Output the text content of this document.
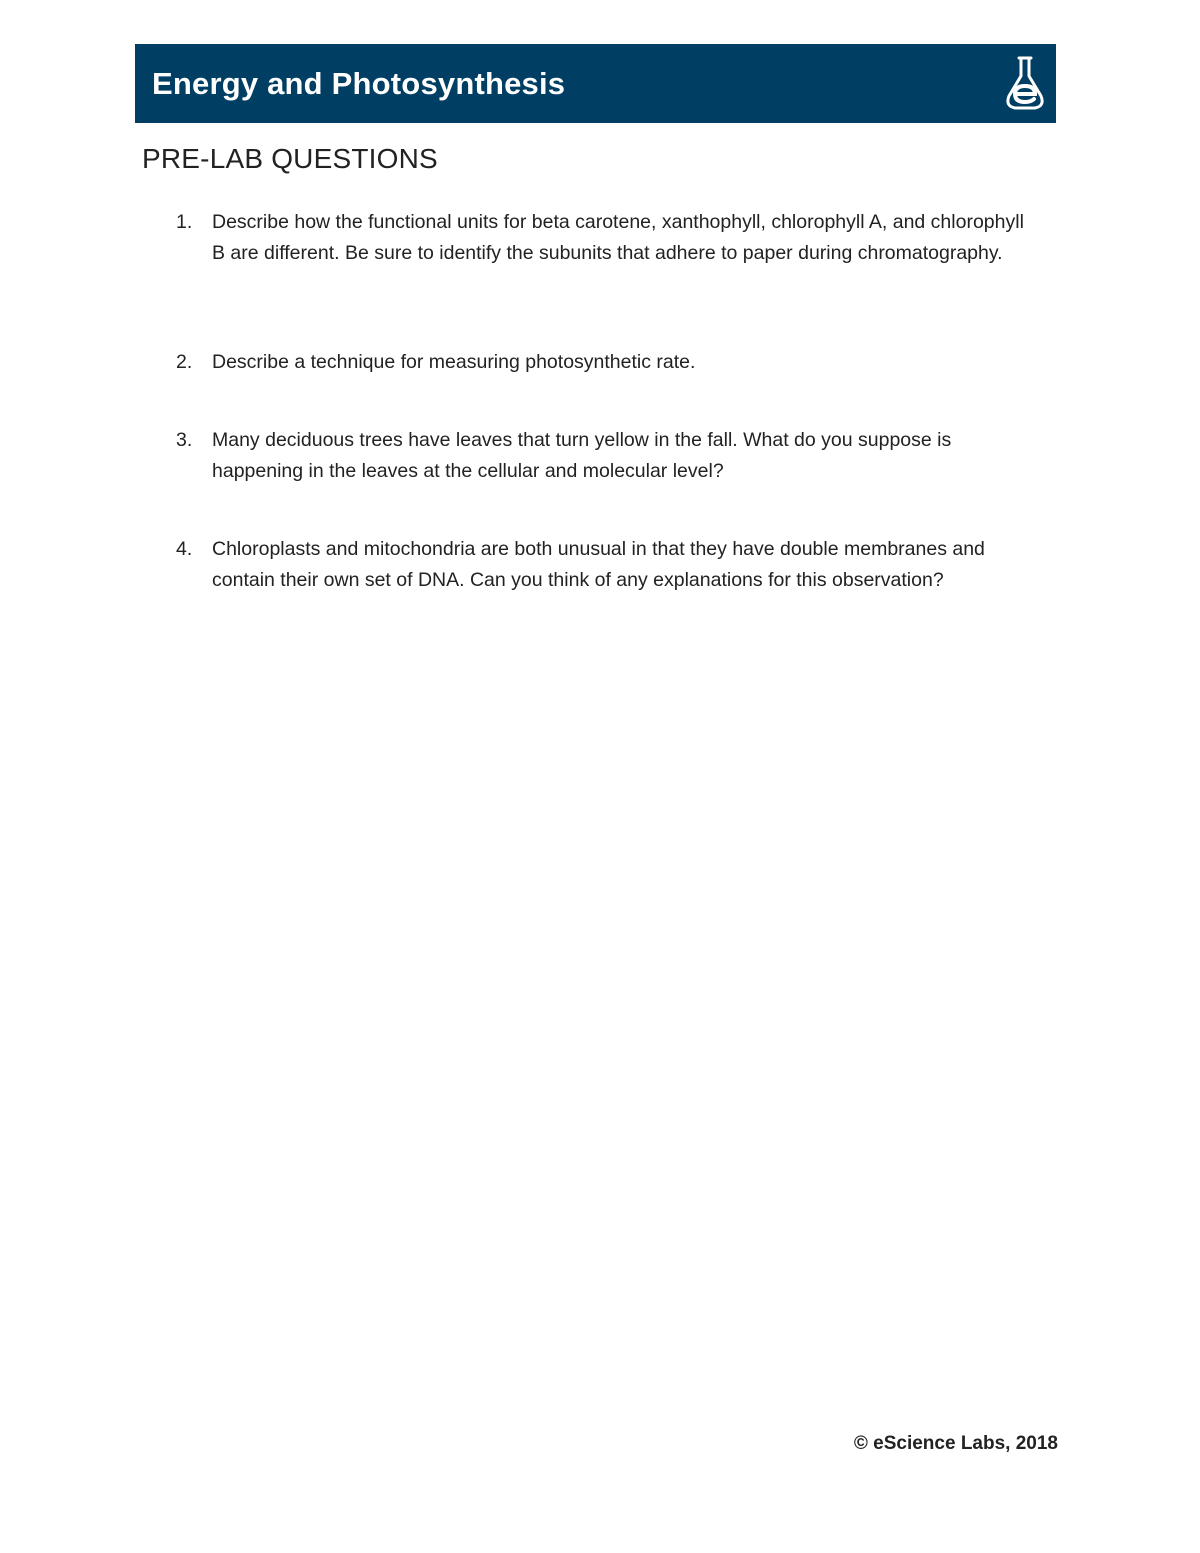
Energy and Photosynthesis
PRE-LAB QUESTIONS
1.	Describe how the functional units for beta carotene, xanthophyll, chlorophyll A, and chlorophyll B are different. Be sure to identify the subunits that adhere to paper during chromatography.
2.	Describe a technique for measuring photosynthetic rate.
3.	Many deciduous trees have leaves that turn yellow in the fall. What do you suppose is happening in the leaves at the cellular and molecular level?
4.	Chloroplasts and mitochondria are both unusual in that they have double membranes and contain their own set of DNA. Can you think of any explanations for this observation?
© eScience Labs, 2018
